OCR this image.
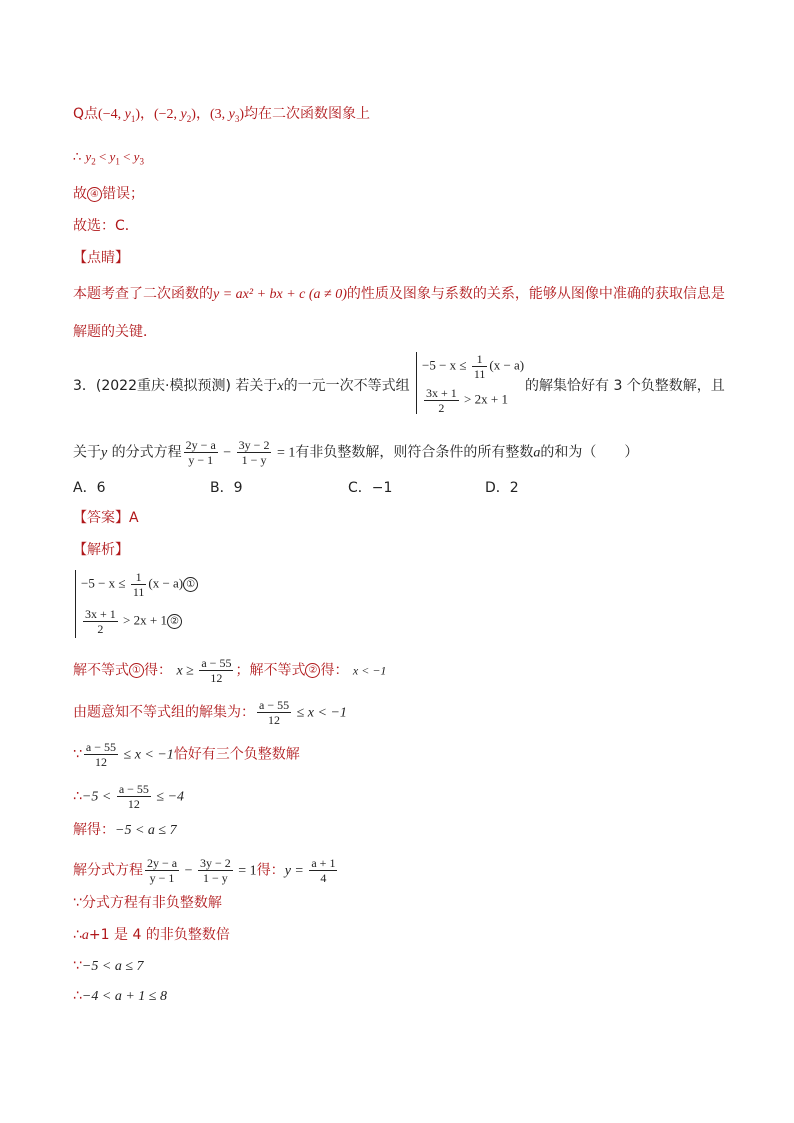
Q点(−4, $y_1$)，(−2, $y_2$)，(3, $y_3$)均在二次函数图象上
∴ $y_2 < y_1 < y_3$
故 ④ 错误；
故选：C．
【点睛】
本题考查了二次函数的y = ax² + bx + c (a ≠ 0)的性质及图象与系数的关系，能够从图像中准确的获取信息是
解题的关键．
3．(2022重庆·模拟预测) 若关于x的一元一次不等式组
$-5 - x \le \frac{1}{11} (x - a)$
$\frac{3x + 1}{2} > 2x + 1$
的解集恰好有 3 个负整数解，且
关于y 的分式方程 $\frac{2y - a}{y - 1} - \frac{3y - 2}{1 - y} = 1$有非负整数解，则符合条件的所有整数a的和为（　　）
A．6	B．9	C．−1	D．2
【答案】A
【解析】
$-5 - x \le \frac{1}{11} (x - a)$ ①
$\frac{3x + 1}{2} > 2x + 1$ ②
解不等式 ① 得： $x \ge \frac{a - 55}{12}$ ；解不等式 ② 得： x < −1
由题意知不等式组的解集为： $\frac{a - 55}{12} \le x < -1$
∵ $\frac{a - 55}{12} \le x < -1$恰好有三个负整数解
∴−5 < $\frac{a - 55}{12} \le -4$
解得：−5 < a ≤ 7
解分式方程 $\frac{2y - a}{y - 1} - \frac{3y - 2}{1 - y} = 1$得：$y = \frac{a + 1}{4}$
∵分式方程有非负整数解
∴a+1 是 4 的非负整数倍
∵−5 < a ≤ 7
∴−4 < a + 1 ≤ 8
